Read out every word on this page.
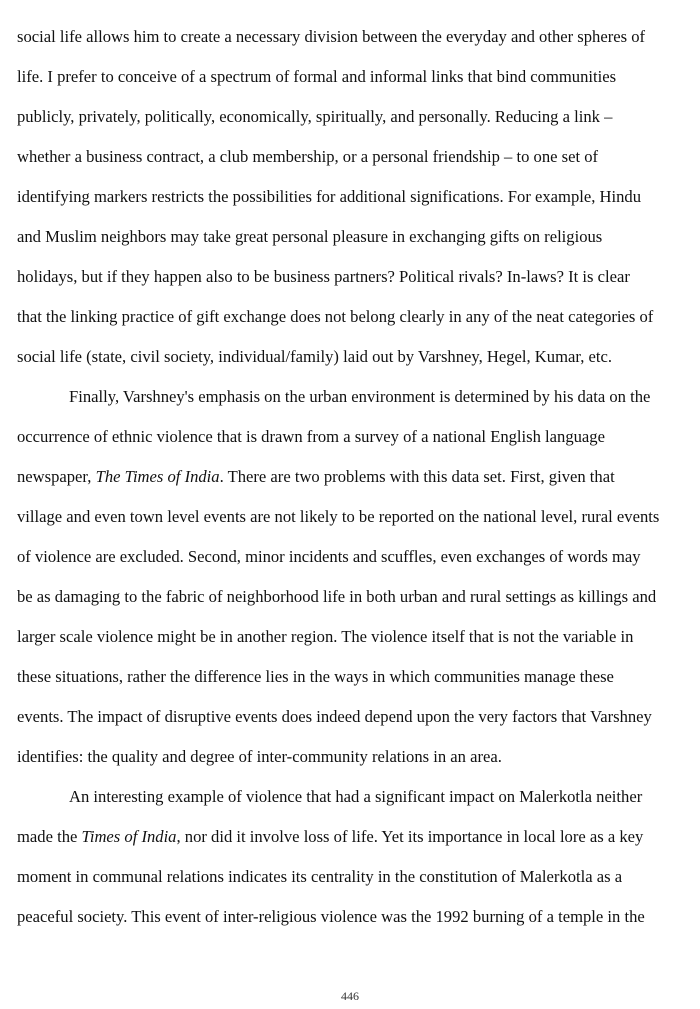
social life allows him to create a necessary division between the everyday and other spheres of
life. I prefer to conceive of a spectrum of formal and informal links that bind communities
publicly, privately, politically, economically, spiritually, and personally. Reducing a link –
whether a business contract, a club membership, or a personal friendship – to one set of
identifying markers restricts the possibilities for additional significations. For example, Hindu
and Muslim neighbors may take great personal pleasure in exchanging gifts on religious
holidays, but if they happen also to be business partners? Political rivals? In-laws? It is clear
that the linking practice of gift exchange does not belong clearly in any of the neat categories of
social life (state, civil society, individual/family) laid out by Varshney, Hegel, Kumar, etc.
Finally, Varshney's emphasis on the urban environment is determined by his data on the
occurrence of ethnic violence that is drawn from a survey of a national English language
newspaper, The Times of India. There are two problems with this data set. First, given that
village and even town level events are not likely to be reported on the national level, rural events
of violence are excluded. Second, minor incidents and scuffles, even exchanges of words may
be as damaging to the fabric of neighborhood life in both urban and rural settings as killings and
larger scale violence might be in another region. The violence itself that is not the variable in
these situations, rather the difference lies in the ways in which communities manage these
events. The impact of disruptive events does indeed depend upon the very factors that Varshney
identifies: the quality and degree of inter-community relations in an area.
An interesting example of violence that had a significant impact on Malerkotla neither
made the Times of India, nor did it involve loss of life. Yet its importance in local lore as a key
moment in communal relations indicates its centrality in the constitution of Malerkotla as a
peaceful society. This event of inter-religious violence was the 1992 burning of a temple in the
446
